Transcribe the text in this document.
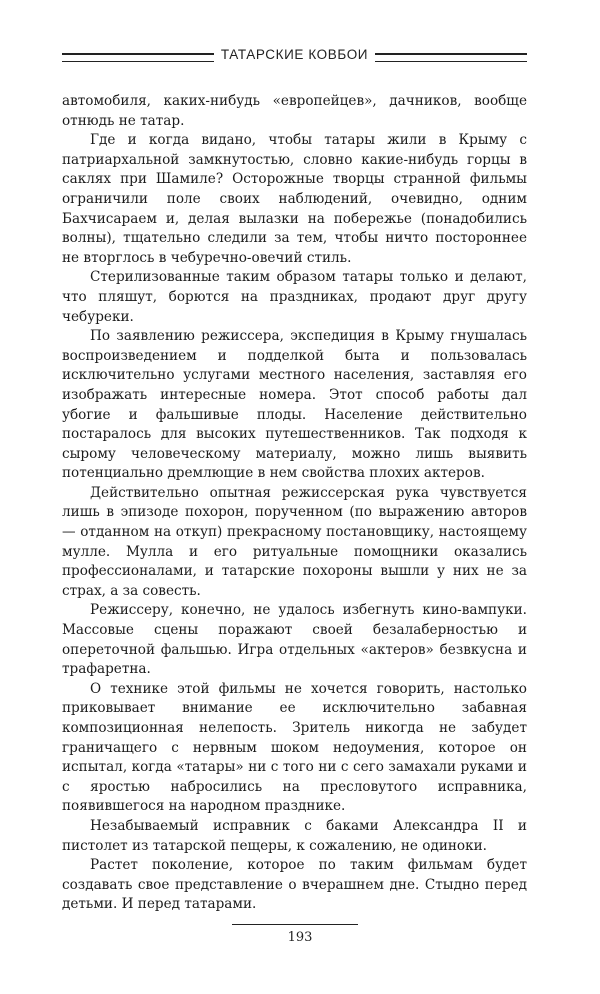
ТАТАРСКИЕ КОВБОИ

автомобиля, каких-нибудь «европейцев», дачников, вообще отнюдь не татар.

Где и когда видано, чтобы татары жили в Крыму с патриархальной замкнутостью, словно какие-нибудь горцы в саклях при Шамиле? Осторожные творцы странной фильмы ограничили поле своих наблюдений, очевидно, одним Бахчисараем и, делая вылазки на побережье (понадобились волны), тщательно следили за тем, чтобы ничто постороннее не вторглось в чебуречно-овечий стиль.

Стерилизованные таким образом татары только и делают, что пляшут, борются на праздниках, продают друг другу чебуреки.

По заявлению режиссера, экспедиция в Крыму гнушалась воспроизведением и подделкой быта и пользовалась исключительно услугами местного населения, заставляя его изображать интересные номера. Этот способ работы дал убогие и фальшивые плоды. Население действительно постаралось для высоких путешественников. Так подходя к сырому человеческому материалу, можно лишь выявить потенциально дремлющие в нем свойства плохих актеров.

Действительно опытная режиссерская рука чувствуется лишь в эпизоде похорон, порученном (по выражению авторов — отданном на откуп) прекрасному постановщику, настоящему мулле. Мулла и его ритуальные помощники оказались профессионалами, и татарские похороны вышли у них не за страх, а за совесть.

Режиссеру, конечно, не удалось избегнуть кино-вампуки. Массовые сцены поражают своей безалаберностью и опереточной фальшью. Игра отдельных «актеров» безвкусна и трафаретна.

О технике этой фильмы не хочется говорить, настолько приковывает внимание ее исключительно забавная композиционная нелепость. Зритель никогда не забудет граничащего с нервным шоком недоумения, которое он испытал, когда «татары» ни с того ни с сего замахали руками и с яростью набросились на пресловутого исправника, появившегося на народном празднике.

Незабываемый исправник с баками Александра II и пистолет из татарской пещеры, к сожалению, не одиноки.

Растет поколение, которое по таким фильмам будет создавать свое представление о вчерашнем дне. Стыдно перед детьми. И перед татарами.

193
